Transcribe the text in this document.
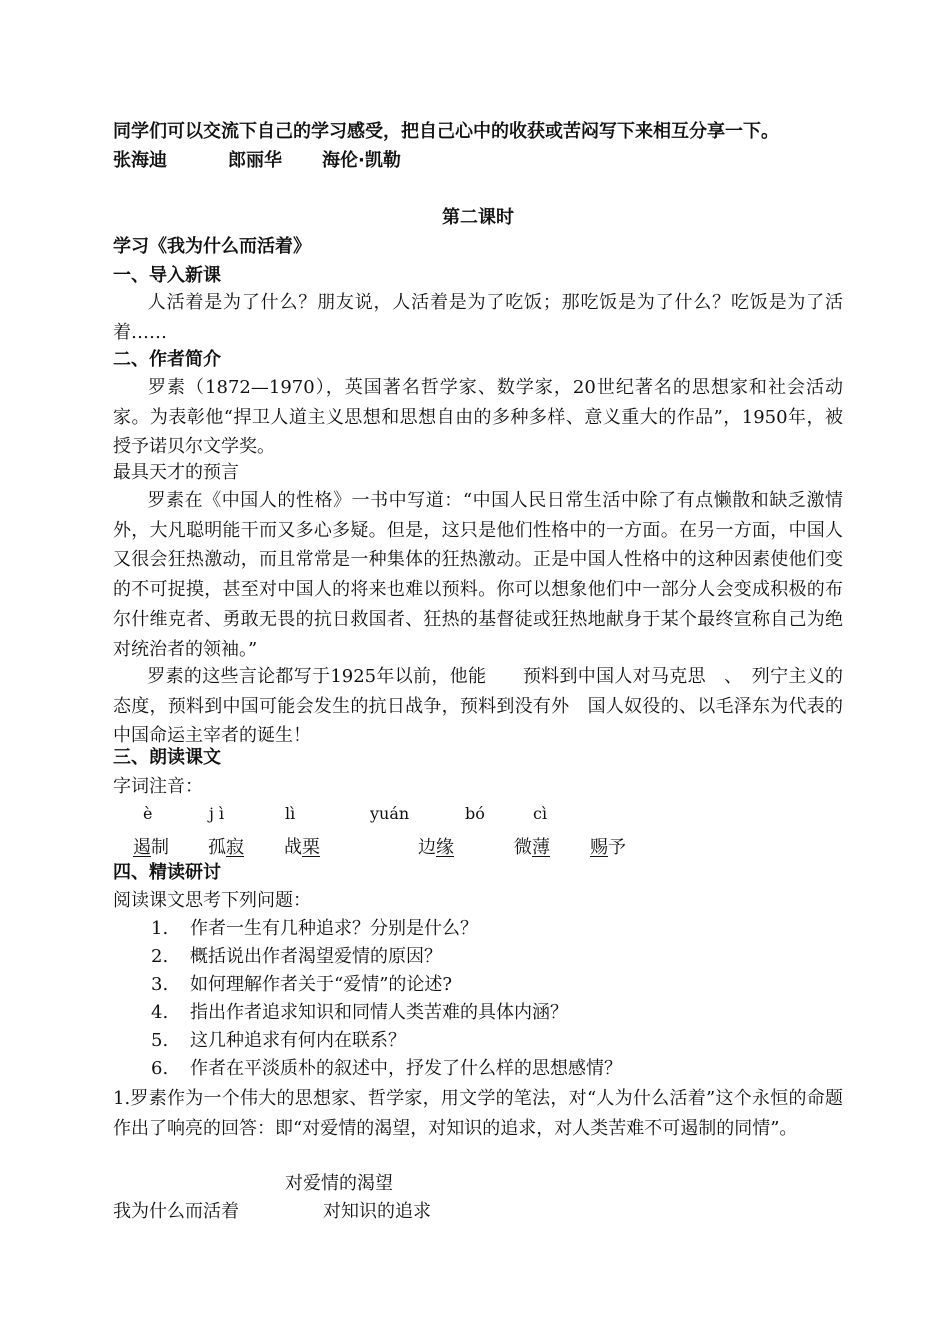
同学们可以交流下自己的学习感受，把自己心中的收获或苦闷写下来相互分享一下。
张海迪	郎丽华 海伦·凯勒
第二课时
学习《我为什么而活着》
一、导入新课
人活着是为了什么？朋友说，人活着是为了吃饭；那吃饭是为了什么？吃饭是为了活着……
二、作者简介
罗素（1872—1970），英国著名哲学家、数学家，20世纪著名的思想家和社会活动家。为表彰他“捍卫人道主义思想和思想自由的多种多样、意义重大的作品”，1950年，被授予诺贝尔文学奖。
最具天才的预言
罗素在《中国人的性格》一书中写道：“中国人民日常生活中除了有点懒散和缺乏激情外，大凡聪明能干而又多心多疑。但是，这只是他们性格中的一方面。在另一方面，中国人又很会狂热激动，而且常常是一种集体的狂热激动。正是中国人性格中的这种因素使他们变的不可捉摸，甚至对中国人的将来也难以预料。你可以想象他们中一部分人会变成积极的布尔什维克者、勇敢无畏的抗日救国者、狂热的基督徒或狂热地献身于某个最终宣称自己为绝对统治者的领袖。”
罗素的这些言论都写于1925年以前，他能　　预料到中国人对马克思　、　列宁主义的态度，预料到中国可能会发生的抗日战争，预料到没有外　国人奴役的、以毛泽东为代表的中国命运主宰者的诞生！
三、朗读课文
字词注音：
è	j ì	lì	yuán	bó	cì
遏制 孤寂 战栗	边缘	微薄 赐予
四、精读研讨
阅读课文思考下列问题：
1.	作者一生有几种追求？分别是什么？
2.	概括说出作者渴望爱情的原因？
3.	如何理解作者关于“爱情”的论述?
4.	指出作者追求知识和同情人类苦难的具体内涵？
5.	这几种追求有何内在联系？
6.	作者在平淡质朴的叙述中，抒发了什么样的思想感情？
1.罗素作为一个伟大的思想家、哲学家，用文学的笔法，对“人为什么活着”这个永恒的命题作出了响亮的回答：即“对爱情的渴望，对知识的追求，对人类苦难不可遏制的同情”。
对爱情的渴望
我为什么而活着	对知识的追求
